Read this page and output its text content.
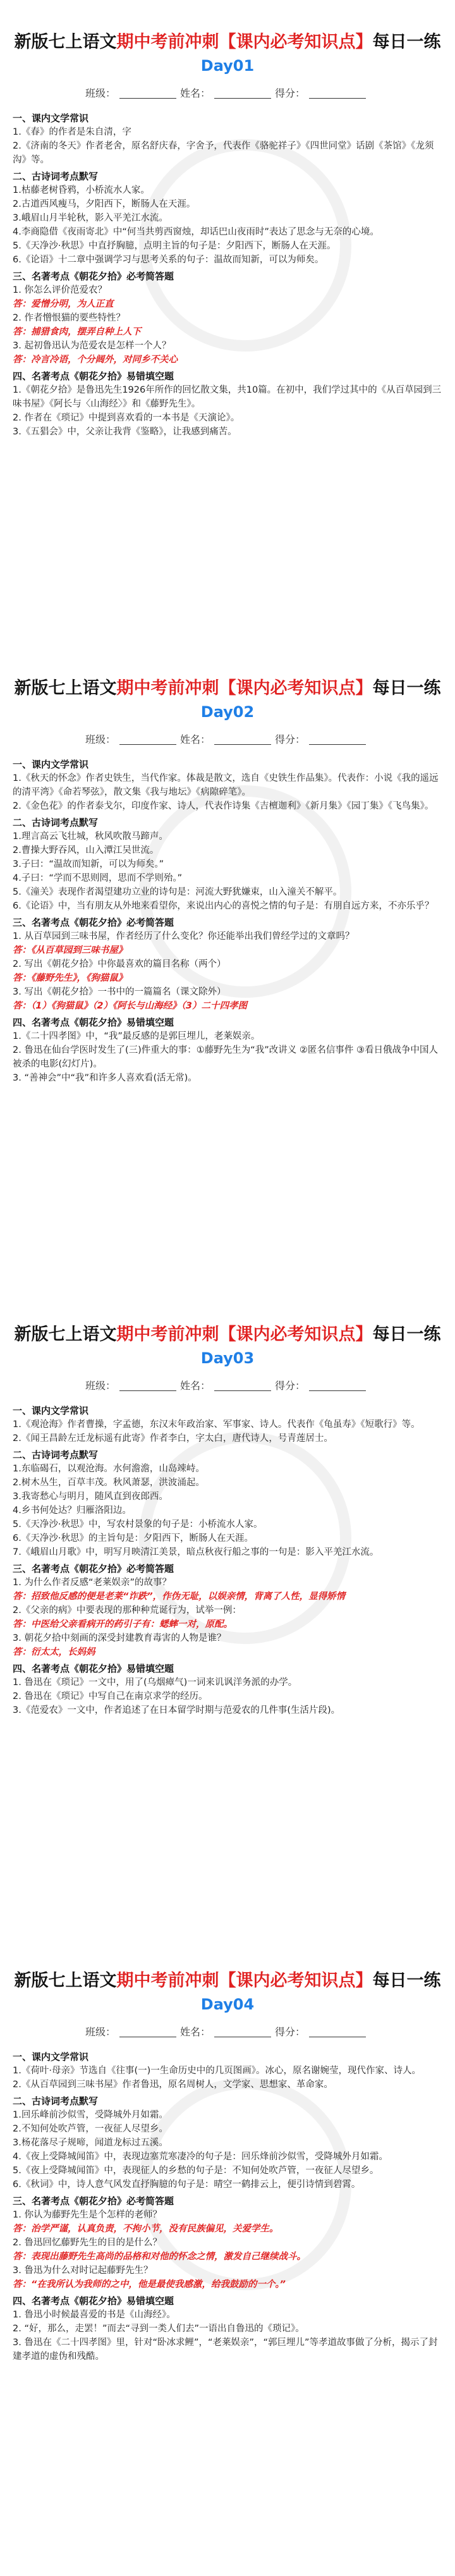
新版七上语文期中考前冲刺【课内必考知识点】每日一练
Day01
班级：	姓名：	得分：
一、课内文学常识
1.《春》的作者是朱自清，字
2.《济南的冬天》作者老舍，原名舒庆春，字舍予，代表作《骆驼祥子》《四世同堂》话剧《茶馆》《龙须沟》等。
二、古诗词考点默写
1.枯藤老树昏鸦，小桥流水人家。
2.古道西风瘦马，夕阳西下，断肠人在天涯。
3.峨眉山月半轮秋，影入平羌江水流。
4.李商隐借《夜雨寄北》中“何当共剪西窗烛，却话巴山夜雨时”表达了思念与无奈的心境。
5.《天净沙·秋思》中直抒胸臆，点明主旨的句子是：夕阳西下，断肠人在天涯。
6.《论语》十二章中强调学习与思考关系的句子：温故而知新，可以为师矣。
三、名著考点《朝花夕拾》必考简答题
1. 你怎么评价范爱农？
答：爱憎分明，为人正直
2. 作者憎恨猫的要些特性？
答：捕猎食肉，摆弄自种上人下
3. 起初鲁迅认为范爱农是怎样一个人？
答：冷言冷语，个分阔外，对同乡不关心
四、名著考点《朝花夕拾》易错填空题
1.《朝花夕拾》是鲁迅先生1926年所作的回忆散文集，共10篇。在初中，我们学过其中的《从百草园到三味书屋》《阿长与〈山海经〉》和《藤野先生》。
2. 作者在《琐记》中提到喜欢看的一本书是《天演论》。
3.《五猖会》中，父亲让我背《鉴略》，让我感到痛苦。
新版七上语文期中考前冲刺【课内必考知识点】每日一练
Day02
班级：	姓名：	得分：
一、课内文学常识
1.《秋天的怀念》作者史铁生，当代作家。体裁是散文，选自《史铁生作品集》。代表作：小说《我的遥远的清平湾》《命若琴弦》，散文集《我与地坛》《病隙碎笔》。
2.《金色花》的作者泰戈尔，印度作家、诗人，代表作诗集《吉檀迦利》《新月集》《园丁集》《飞鸟集》。
二、古诗词考点默写
1.理言高云飞壮城，秋风吹散马蹄声。
2.曹操大野吞风，山入潭江吴世流。
3.子曰：“温故而知新，可以为师矣。”
4.子曰：“学而不思则罔，思而不学则殆。”
5.《潼关》表现作者渴望建功立业的诗句是：河流大野犹嫌束，山入潼关不解平。
6.《论语》中，当有朋友从外地来看望你，来说出内心的喜悦之情的句子是：有朋自远方来，不亦乐乎？
三、名著考点《朝花夕拾》必考简答题
1. 从百草园到三味书屋，作者经历了什么变化？你还能举出我们曾经学过的文章吗？
答：《从百草园到三味书屋》
2. 写出《朝花夕拾》中你最喜欢的篇目名称（两个）
答：《藤野先生》，《狗猫鼠》
3. 写出《朝花夕拾》一书中的一篇篇名（课文除外）
答：（1）《狗猫鼠》（2）《阿长与山海经》（3）二十四孝图
四、名著考点《朝花夕拾》易错填空题
1.《二十四孝图》中，“我”最反感的是郭巨埋儿，老莱娱亲。
2. 鲁迅在仙台学医时发生了(三)件重大的事：①藤野先生为“我”改讲义 ②匿名信事件 ③看日俄战争中国人被杀的电影(幻灯片)。
3. “善神会”中“我”和许多人喜欢看(活无常)。
新版七上语文期中考前冲刺【课内必考知识点】每日一练
Day03
班级：	姓名：	得分：
一、课内文学常识
1.《观沧海》作者曹操，字孟德，东汉末年政治家、军事家、诗人。代表作《龟虽寿》《短歌行》等。
2.《闻王昌龄左迁龙标遥有此寄》作者李白，字太白，唐代诗人，号青莲居士。
二、古诗词考点默写
1.东临碣石，以观沧海。水何澹澹，山岛竦峙。
2.树木丛生，百草丰茂。秋风萧瑟，洪波涌起。
3.我寄愁心与明月，随风直到夜郎西。
4.乡书何处达？归雁洛阳边。
5.《天净沙·秋思》中，写农村景象的句子是：小桥流水人家。
6.《天净沙·秋思》的主旨句是：夕阳西下，断肠人在天涯。
7.《峨眉山月歌》中，明写月映清江美景，暗点秋夜行船之事的一句是：影入平羌江水流。
三、名著考点《朝花夕拾》必考简答题
1. 为什么作者反感“老莱娱亲”的故事？
答：招致他反感的便是老莱“诈跌”，作伪无耻，以娱亲情，背离了人性，显得矫情
2.《父亲的病》中要表现的那种种荒诞行为，试举一例：
答：中医给父亲看病开的药引子有：蟋蟀一对，原配。
3. 朝花夕拾中刻画的深受封建教育毒害的人物是谁？
答：衍太太，长妈妈
四、名著考点《朝花夕拾》易错填空题
1. 鲁迅在《琐记》一文中，用了(乌烟瘴气)一词来讥讽洋务派的办学。
2. 鲁迅在《琐记》中写自己在南京求学的经历。
3.《范爱农》一文中，作者追述了在日本留学时期与范爱农的几件事(生活片段)。
新版七上语文期中考前冲刺【课内必考知识点】每日一练
Day04
班级：	姓名：	得分：
一、课内文学常识
1.《荷叶·母亲》节选自《往事(一)一生命历史中的几页图画》。冰心，原名谢婉莹，现代作家、诗人。
2.《从百草园到三味书屋》作者鲁迅，原名周树人，文学家、思想家、革命家。
二、古诗词考点默写
1.回乐峰前沙似雪，受降城外月如霜。
2.不知何处吹芦管，一夜征人尽望乡。
3.杨花落尽子规啼，闻道龙标过五溪。
4.《夜上受降城闻笛》中，表现边塞荒寒凄冷的句子是：回乐烽前沙似雪，受降城外月如霜。
5.《夜上受降城闻笛》中，表现征人的乡愁的句子是：不知何处吹芦管，一夜征人尽望乡。
6.《秋词》中，诗人意气风发直抒胸臆的句子是：晴空一鹤排云上，便引诗情到碧霄。
三、名著考点《朝花夕拾》必考简答题
1. 你认为藤野先生是个怎样的老师？
答：治学严谨，认真负责，不拘小节，没有民族偏见，关爱学生。
2. 鲁迅回忆藤野先生的目的是什么？
答：表现出藤野先生高尚的品格和对他的怀念之情，激发自己继续战斗。
3. 鲁迅为什么对时记起藤野先生？
答：“在我所认为我师的之中，他是最使我感激，给我鼓励的一个。”
四、名著考点《朝花夕拾》易错填空题
1. 鲁迅小时候最喜爱的书是《山海经》。
2. “好，那么，走罢！”而去“寻到一类人们去”一语出自鲁迅的《琐记》。
3. 鲁迅在《二十四孝图》里，针对“卧冰求鲤”，“老莱娱亲”，“郭巨埋儿”等孝道故事做了分析，揭示了封建孝道的虚伪和残酷。
